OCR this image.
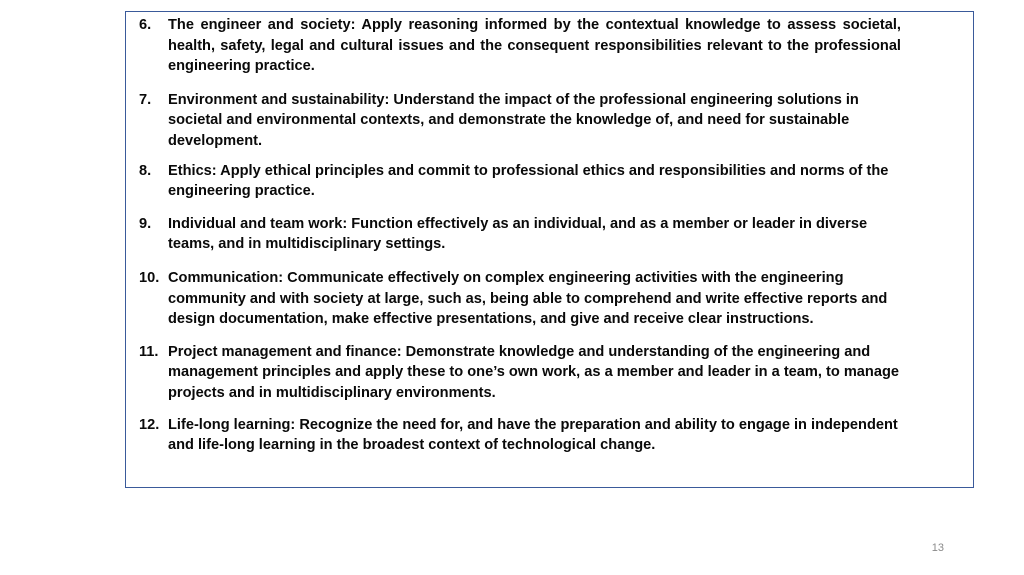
6. The engineer and society: Apply reasoning informed by the contextual knowledge to assess societal, health, safety, legal and cultural issues and the consequent responsibilities relevant to the professional engineering practice.
7. Environment and sustainability: Understand the impact of the professional engineering solutions in societal and environmental contexts, and demonstrate the knowledge of, and need for sustainable development.
8. Ethics: Apply ethical principles and commit to professional ethics and responsibilities and norms of the engineering practice.
9. Individual and team work: Function effectively as an individual, and as a member or leader in diverse teams, and in multidisciplinary settings.
10. Communication: Communicate effectively on complex engineering activities with the engineering community and with society at large, such as, being able to comprehend and write effective reports and design documentation, make effective presentations, and give and receive clear instructions.
11. Project management and finance: Demonstrate knowledge and understanding of the engineering and management principles and apply these to one’s own work, as a member and leader in a team, to manage projects and in multidisciplinary environments.
12. Life-long learning: Recognize the need for, and have the preparation and ability to engage in independent and life-long learning in the broadest context of technological change.
13
